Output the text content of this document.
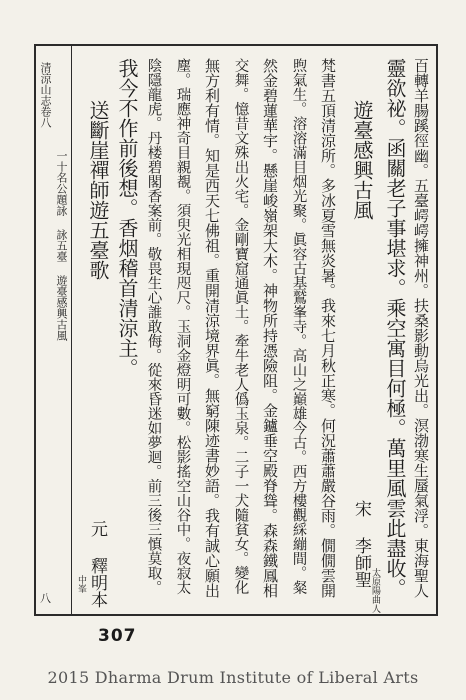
清涼山志卷八
一十名公題詠 詠五臺 遊臺感興古風
八
送斷崖禪師遊五臺歌
元 釋明本
中峯
我今不作前後想。香烟稽首清涼主。 陰隱龍虎。丹楼碧閣香案前。敬畏生心誰敢侮。從來昏迷如夢迴。前三後三慎莫取。 塵。瑞應神奇目親覩。須臾光相現咫尺。玉洞金燈明可數。松影搖空山谷中。夜寂太 無方利有情。知是西天七佛祖。重開清涼境界眞。無窮陳迹書妙語。我有誠心願出 交舞。憶昔文殊出火宅。金剛寶窟通眞土。牽牛老人僞玉泉。二子一犬隨貧女。變化 然金碧蓮華宇。懸崖峻嶺架大木。神物所持憑險阻。金鑪垂空殿脊聳。森森鐵鳳相 煦氣生。溶溶滿目烟光聚。眞容古基鷲峯寺。高山之巔雄今古。西方樓觀綵繃間。粲 梵書五頂清涼所。多冰夏雪無炎暑。我來七月秋正寒。何況蕭蕭嚴谷雨。僩僩雲開 遊臺感興古風
宋 李師聖
太原陽曲人 靈欲祕。函關老子事堪求。乘空寓目何極。萬里風雲此盡收。 百轉羊腸蹊徑幽。五臺崿崿擁神州。扶桑影動烏光出。溟渤寒生蜃氣浮。東海聖人
307
2015 Dharma Drum Institute of Liberal Arts
